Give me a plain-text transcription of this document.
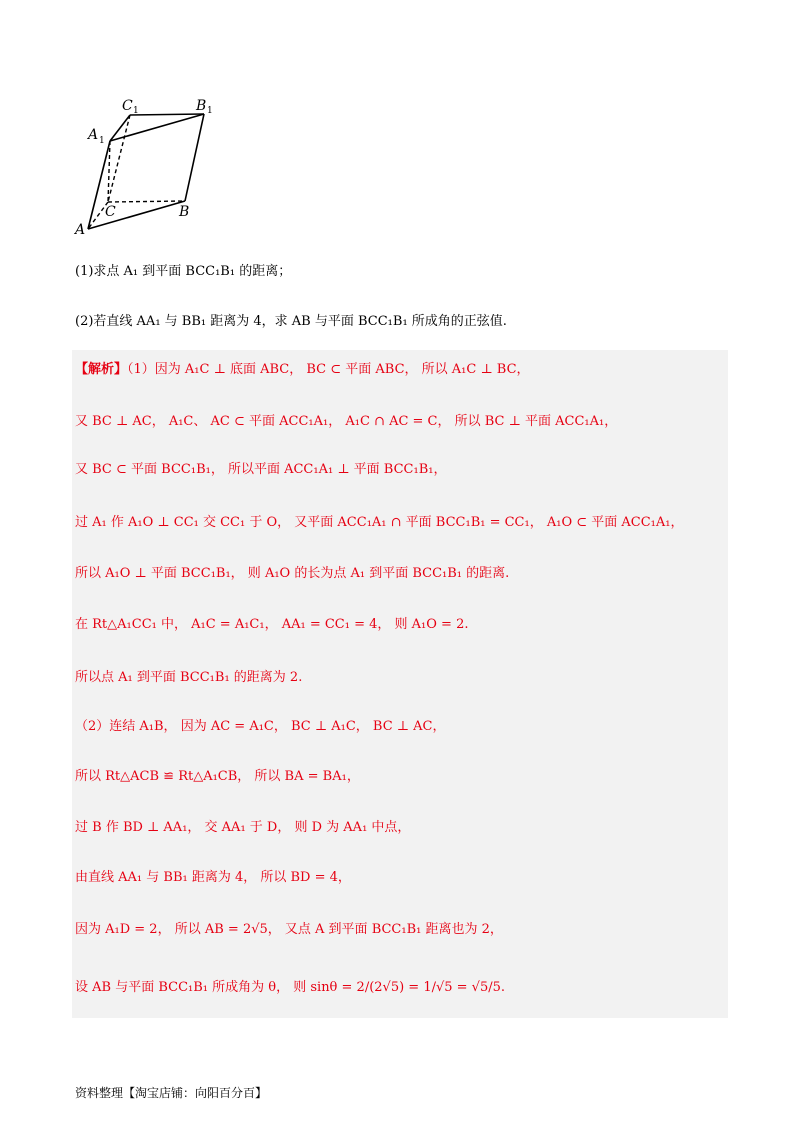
C 1	B 1
A 1
C	B
A
(1)求点 A₁ 到平面 BCC₁B₁ 的距离；
(2)若直线 AA₁ 与 BB₁ 距离为 4，求 AB 与平面 BCC₁B₁ 所成角的正弦值.
【解析】（1）因为 A₁C ⊥ 底面 ABC， BC ⊂ 平面 ABC， 所以 A₁C ⊥ BC，
又 BC ⊥ AC， A₁C、 AC ⊂ 平面 ACC₁A₁， A₁C ∩ AC = C， 所以 BC ⊥ 平面 ACC₁A₁，
又 BC ⊂ 平面 BCC₁B₁， 所以平面 ACC₁A₁ ⊥ 平面 BCC₁B₁，
过 A₁ 作 A₁O ⊥ CC₁ 交 CC₁ 于 O， 又平面 ACC₁A₁ ∩ 平面 BCC₁B₁ = CC₁， A₁O ⊂ 平面 ACC₁A₁，
所以 A₁O ⊥ 平面 BCC₁B₁， 则 A₁O 的长为点 A₁ 到平面 BCC₁B₁ 的距离.
在 Rt△A₁CC₁ 中， A₁C = A₁C₁， AA₁ = CC₁ = 4， 则 A₁O = 2.
所以点 A₁ 到平面 BCC₁B₁ 的距离为 2.
（2）连结 A₁B， 因为 AC = A₁C， BC ⊥ A₁C， BC ⊥ AC，
所以 Rt△ACB ≌ Rt△A₁CB， 所以 BA = BA₁，
过 B 作 BD ⊥ AA₁， 交 AA₁ 于 D， 则 D 为 AA₁ 中点，
由直线 AA₁ 与 BB₁ 距离为 4， 所以 BD = 4，
因为 A₁D = 2， 所以 AB = 2√5， 又点 A 到平面 BCC₁B₁ 距离也为 2，
设 AB 与平面 BCC₁B₁ 所成角为 θ， 则 sinθ = 2/(2√5) = 1/√5 = √5/5.
资料整理【淘宝店铺：向阳百分百】
